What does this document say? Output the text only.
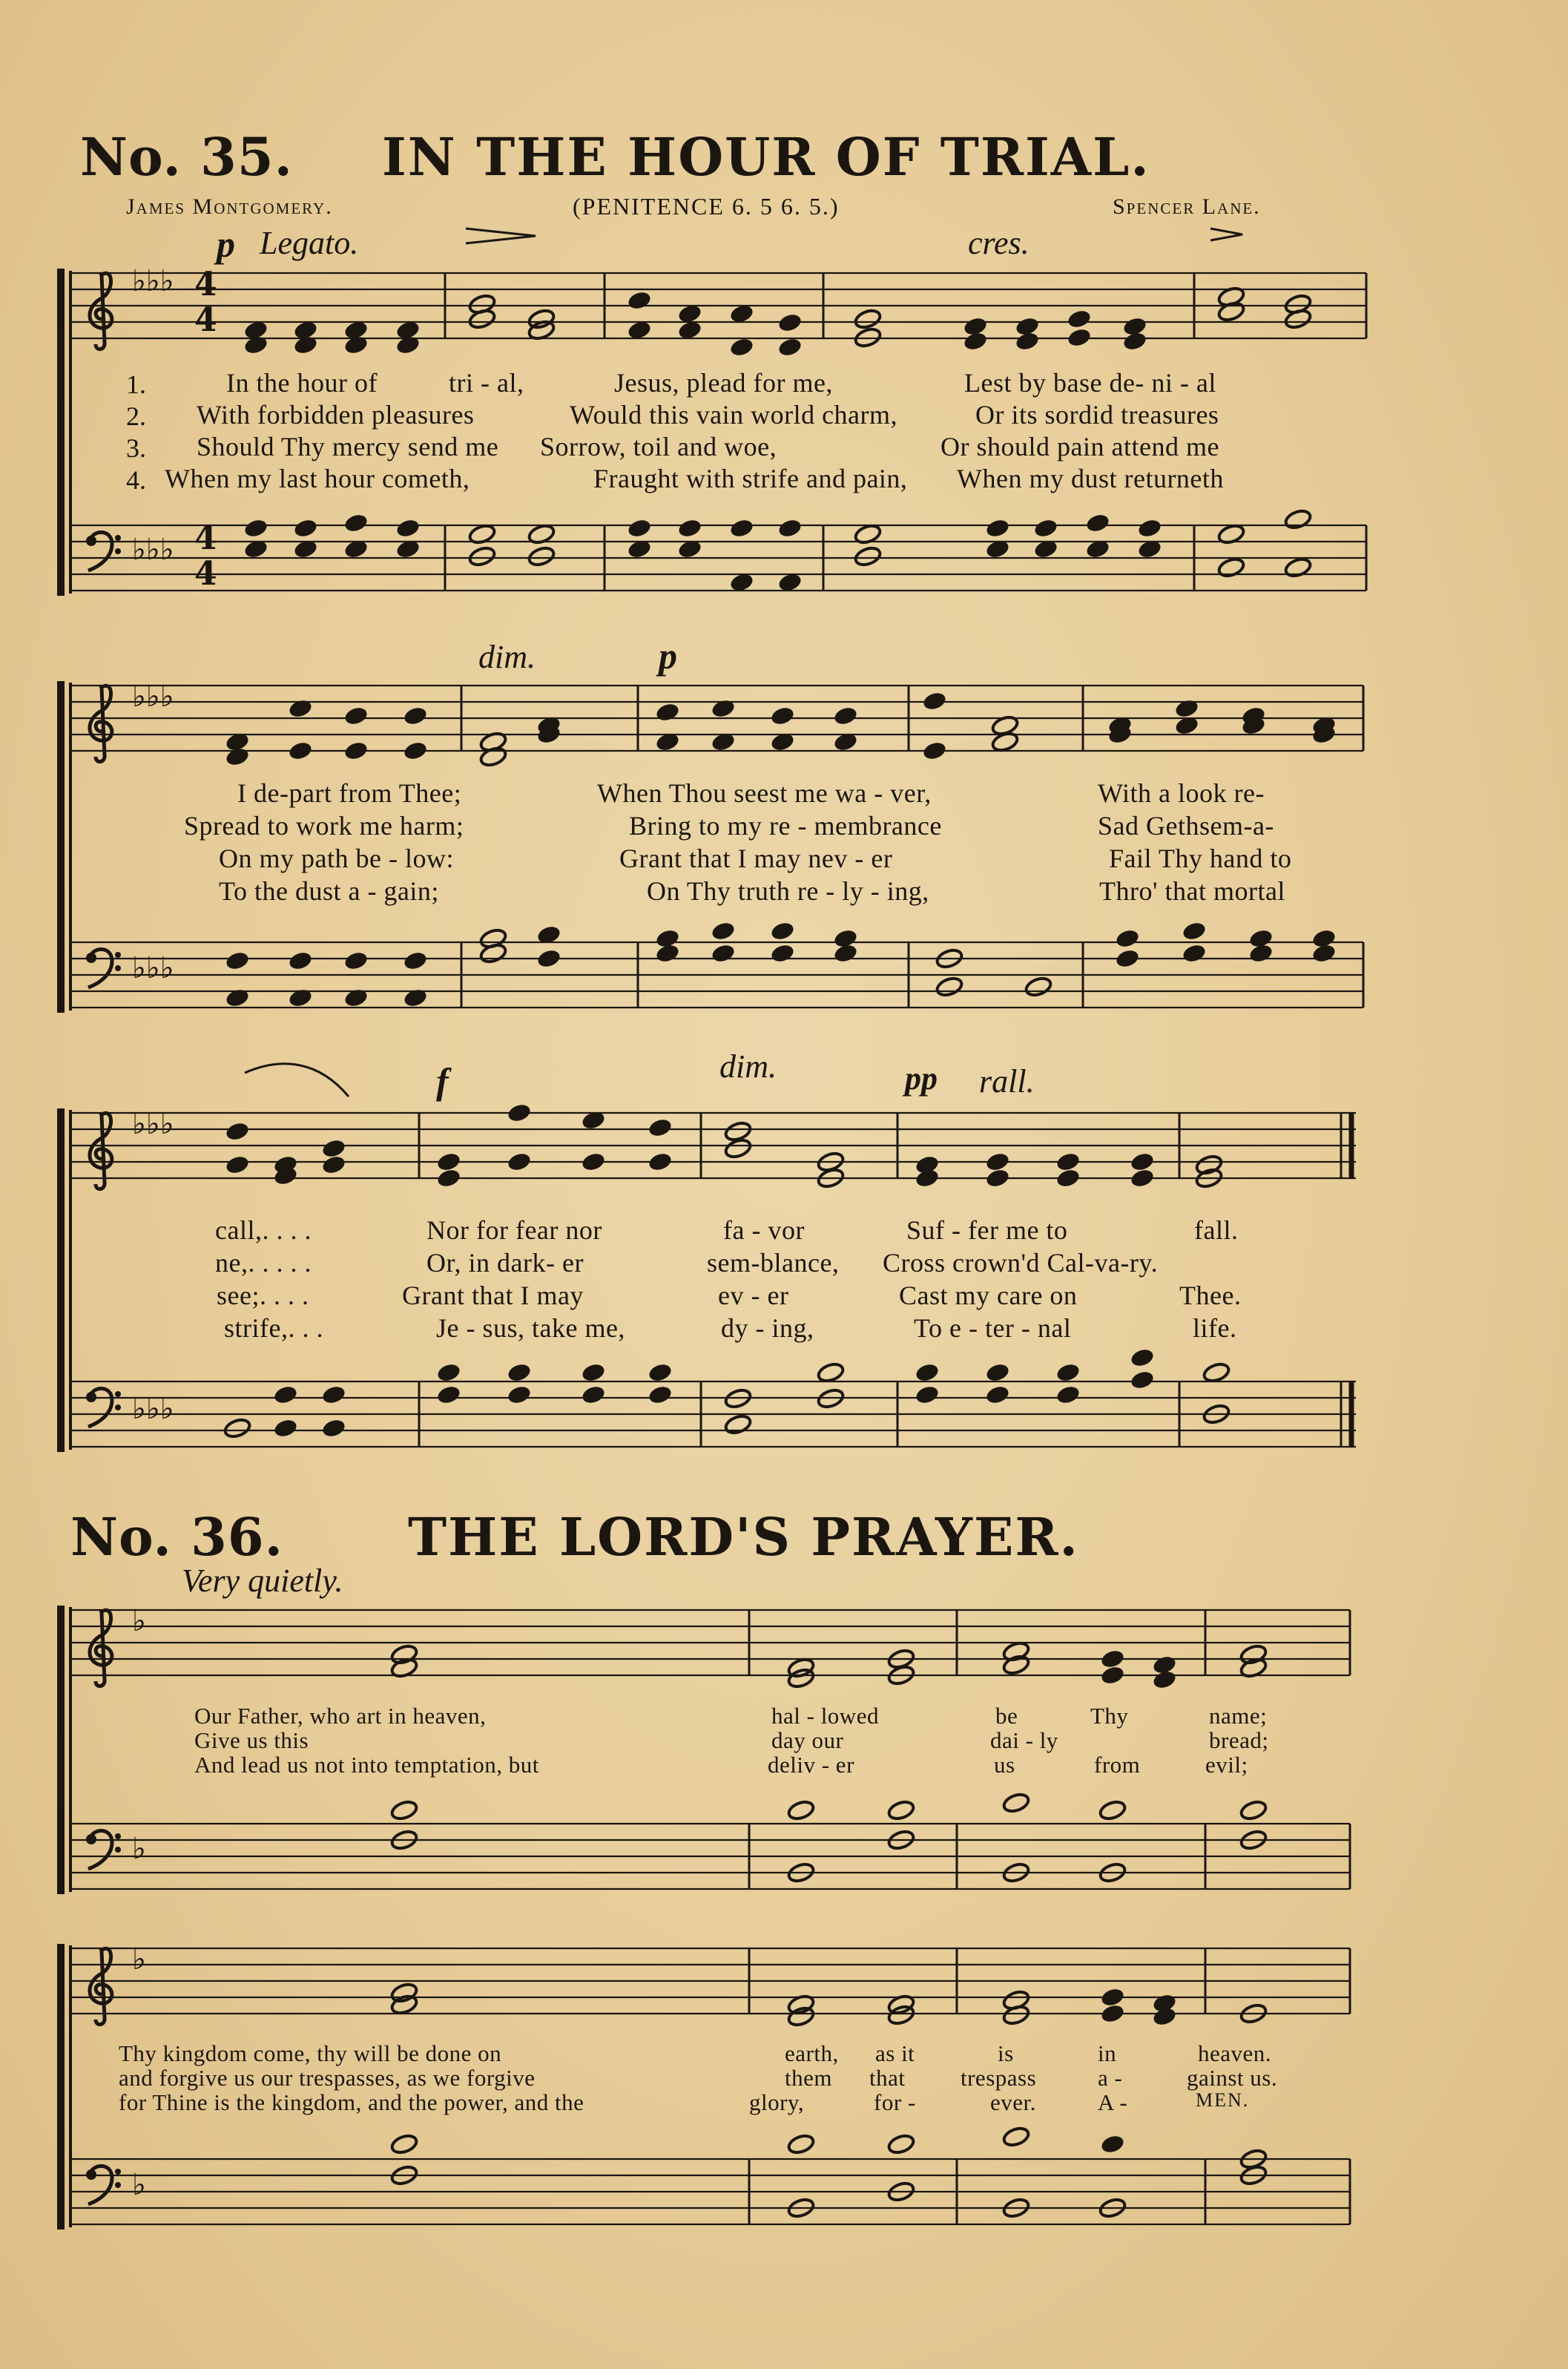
No. 35. IN THE HOUR OF TRIAL.
James Montgomery.	(PENITENCE 6. 5 6. 5.)	Spencer Lane.
p Legato.	cres.
dim.	p
f	dim.	pp rall.
♭♭♭
♭♭♭
♭♭♭
♭♭♭
♭♭♭
♭♭♭
♭
♭
♭
♭
4
4
4
4
1.
2.
3.
4.
In the hour of	tri - al,	Jesus, plead for me,	Lest by base de- ni - al
With forbidden pleasures	Would this vain world charm,	Or its sordid treasures
Should Thy mercy send me Sorrow, toil and woe,	Or should pain attend me
When my last hour cometh,	Fraught with strife and pain, When my dust returneth
I de-part from Thee;	When Thou seest me wa - ver,	With a look re-
Spread to work me harm;	Bring to my re - membrance	Sad Gethsem-a-
On my path be - low:	Grant that I may nev - er	Fail Thy hand to
To the dust a - gain;	On Thy truth re - ly - ing,	Thro' that mortal
call,. . . .	Nor for fear nor	fa - vor	Suf - fer me to	fall.
ne,. . . . .	Or, in dark- er	sem-blance, Cross crown'd Cal-va-ry.
see;. . . .	Grant that I may	ev - er	Cast my care on	Thee.
strife,. . .	Je - sus, take me,	dy - ing,	To e - ter - nal	life.
No. 36. THE LORD'S PRAYER.
Very quietly.
Our Father, who art in heaven,	hal - lowed	be	Thy	name;
Give us this	day our	dai - ly	bread;
And lead us not into temptation, but	deliv - er	us	from	evil;
Thy kingdom come, thy will be done on	earth, as it	is	in	heaven.
and forgive us our trespasses, as we forgive	them that trespass	a -	gainst us.
for Thine is the kingdom, and the power, and the	glory,	for -	ever.	A -	MEN.
